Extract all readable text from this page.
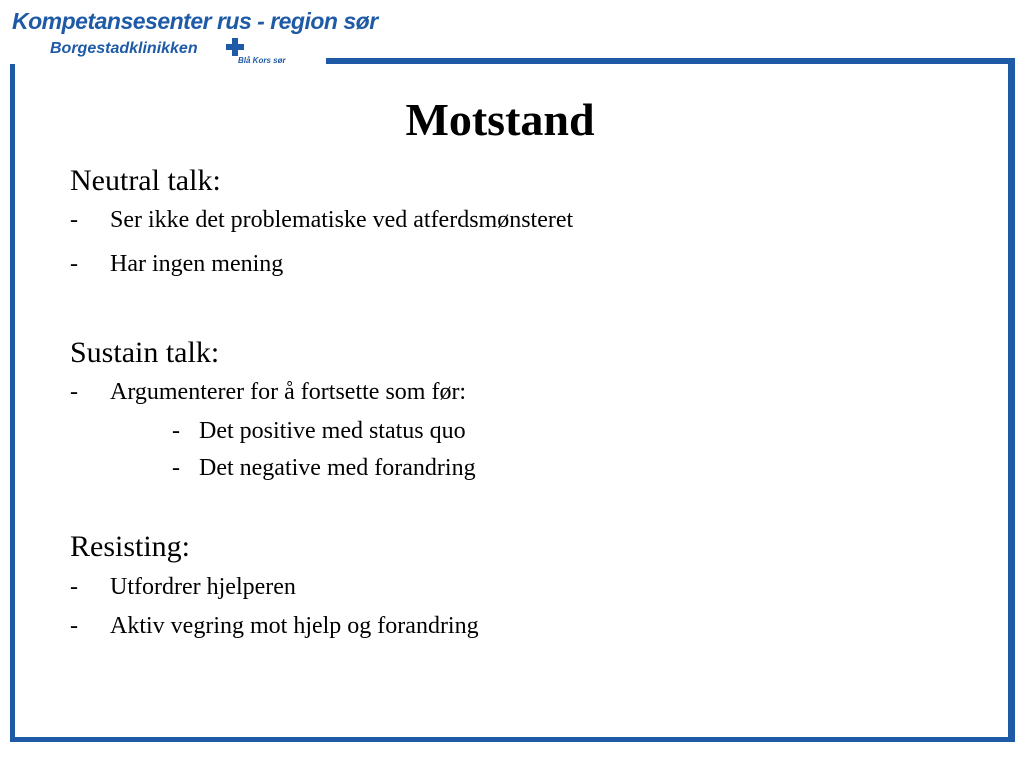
Kompetansesenter rus - region sør
Borgestadklinikken
Blå Kors sør
Motstand
Neutral talk:
- Ser ikke det problematiske ved atferdsmønsteret
- Har ingen mening
Sustain talk:
- Argumenterer for å fortsette som før:
- Det positive med status quo
- Det negative med forandring
Resisting:
- Utfordrer hjelperen
- Aktiv vegring mot hjelp og forandring
